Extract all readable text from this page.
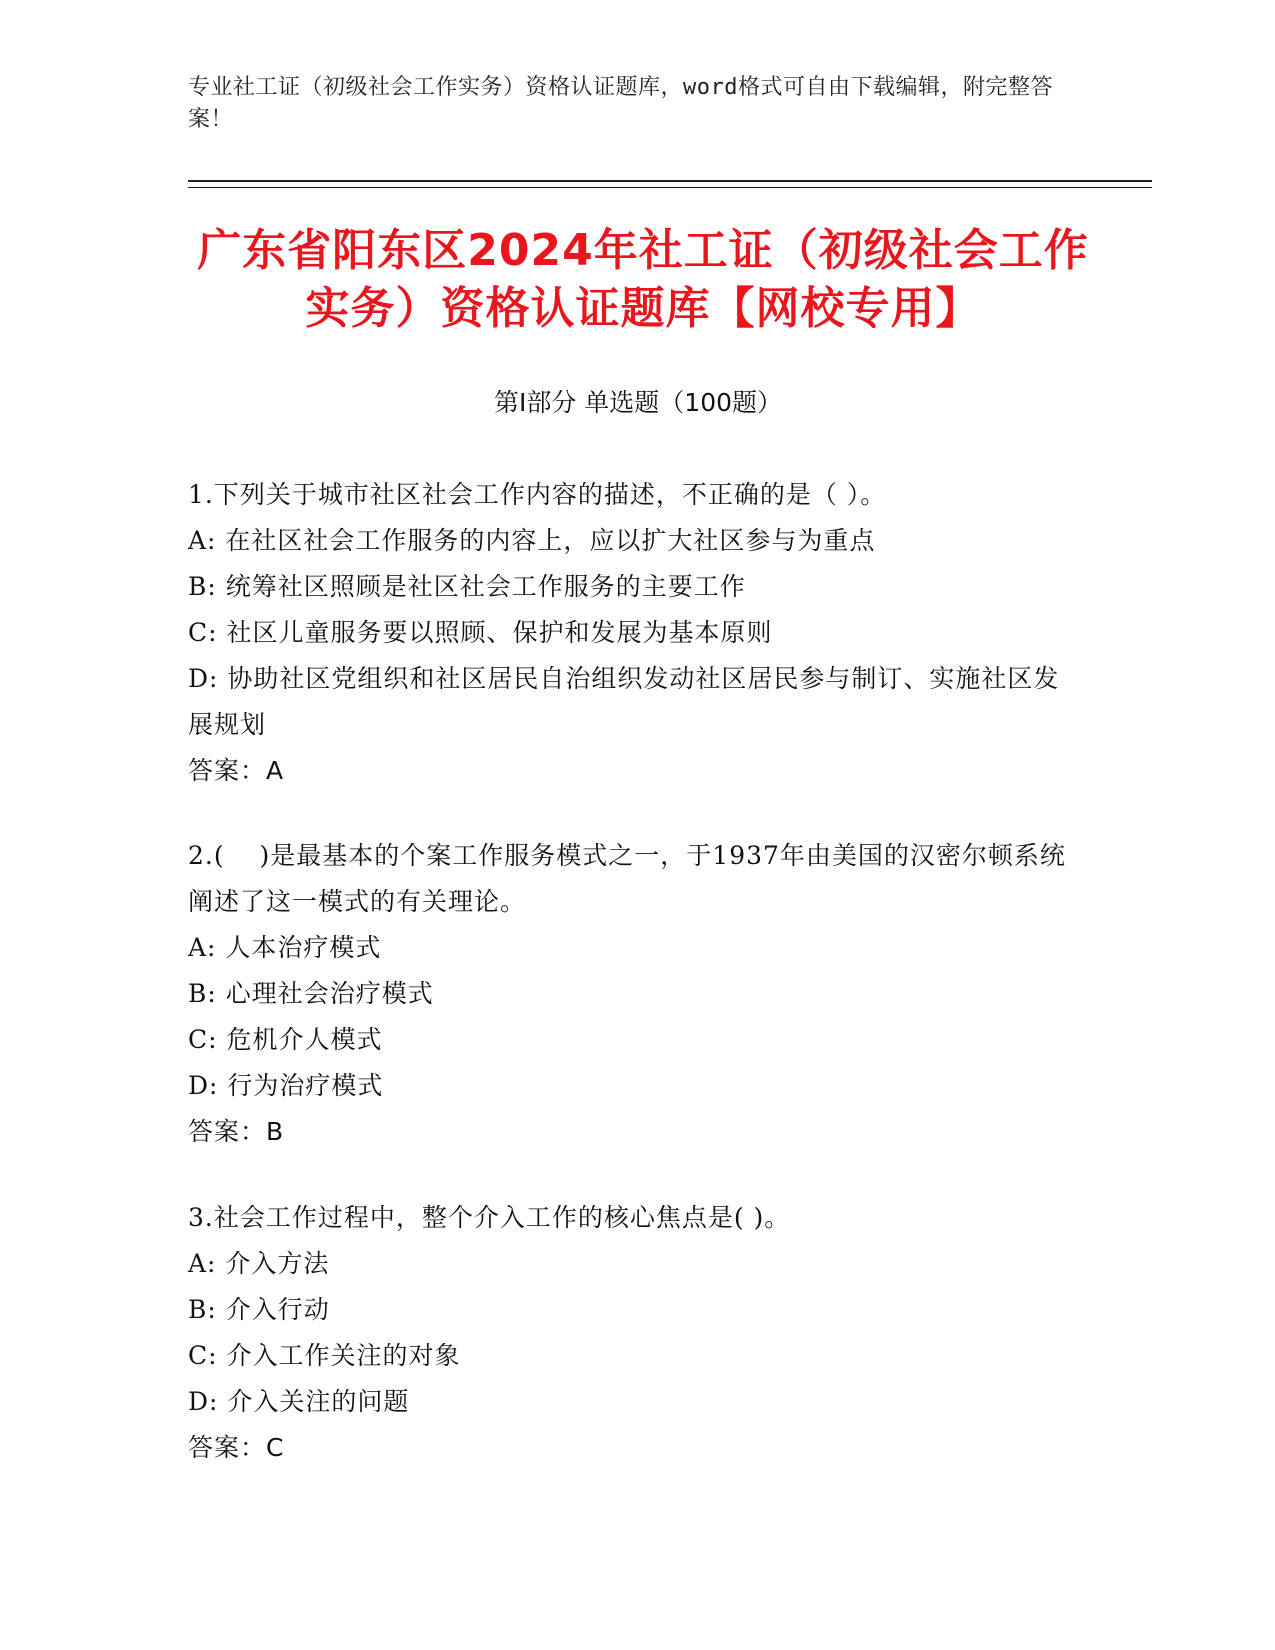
专业社工证（初级社会工作实务）资格认证题库，word格式可自由下载编辑，附完整答案！
广东省阳东区2024年社工证（初级社会工作实务）资格认证题库【网校专用】
第Ⅰ部分 单选题（100题）
1.下列关于城市社区社会工作内容的描述，不正确的是（ ）。
A: 在社区社会工作服务的内容上，应以扩大社区参与为重点
B: 统筹社区照顾是社区社会工作服务的主要工作
C: 社区儿童服务要以照顾、保护和发展为基本原则
D: 协助社区党组织和社区居民自治组织发动社区居民参与制订、实施社区发展规划
答案：A
2.(　 )是最基本的个案工作服务模式之一，于1937年由美国的汉密尔顿系统阐述了这一模式的有关理论。
A: 人本治疗模式
B: 心理社会治疗模式
C: 危机介人模式
D: 行为治疗模式
答案：B
3.社会工作过程中，整个介入工作的核心焦点是( )。
A: 介入方法
B: 介入行动
C: 介入工作关注的对象
D: 介入关注的问题
答案：C
